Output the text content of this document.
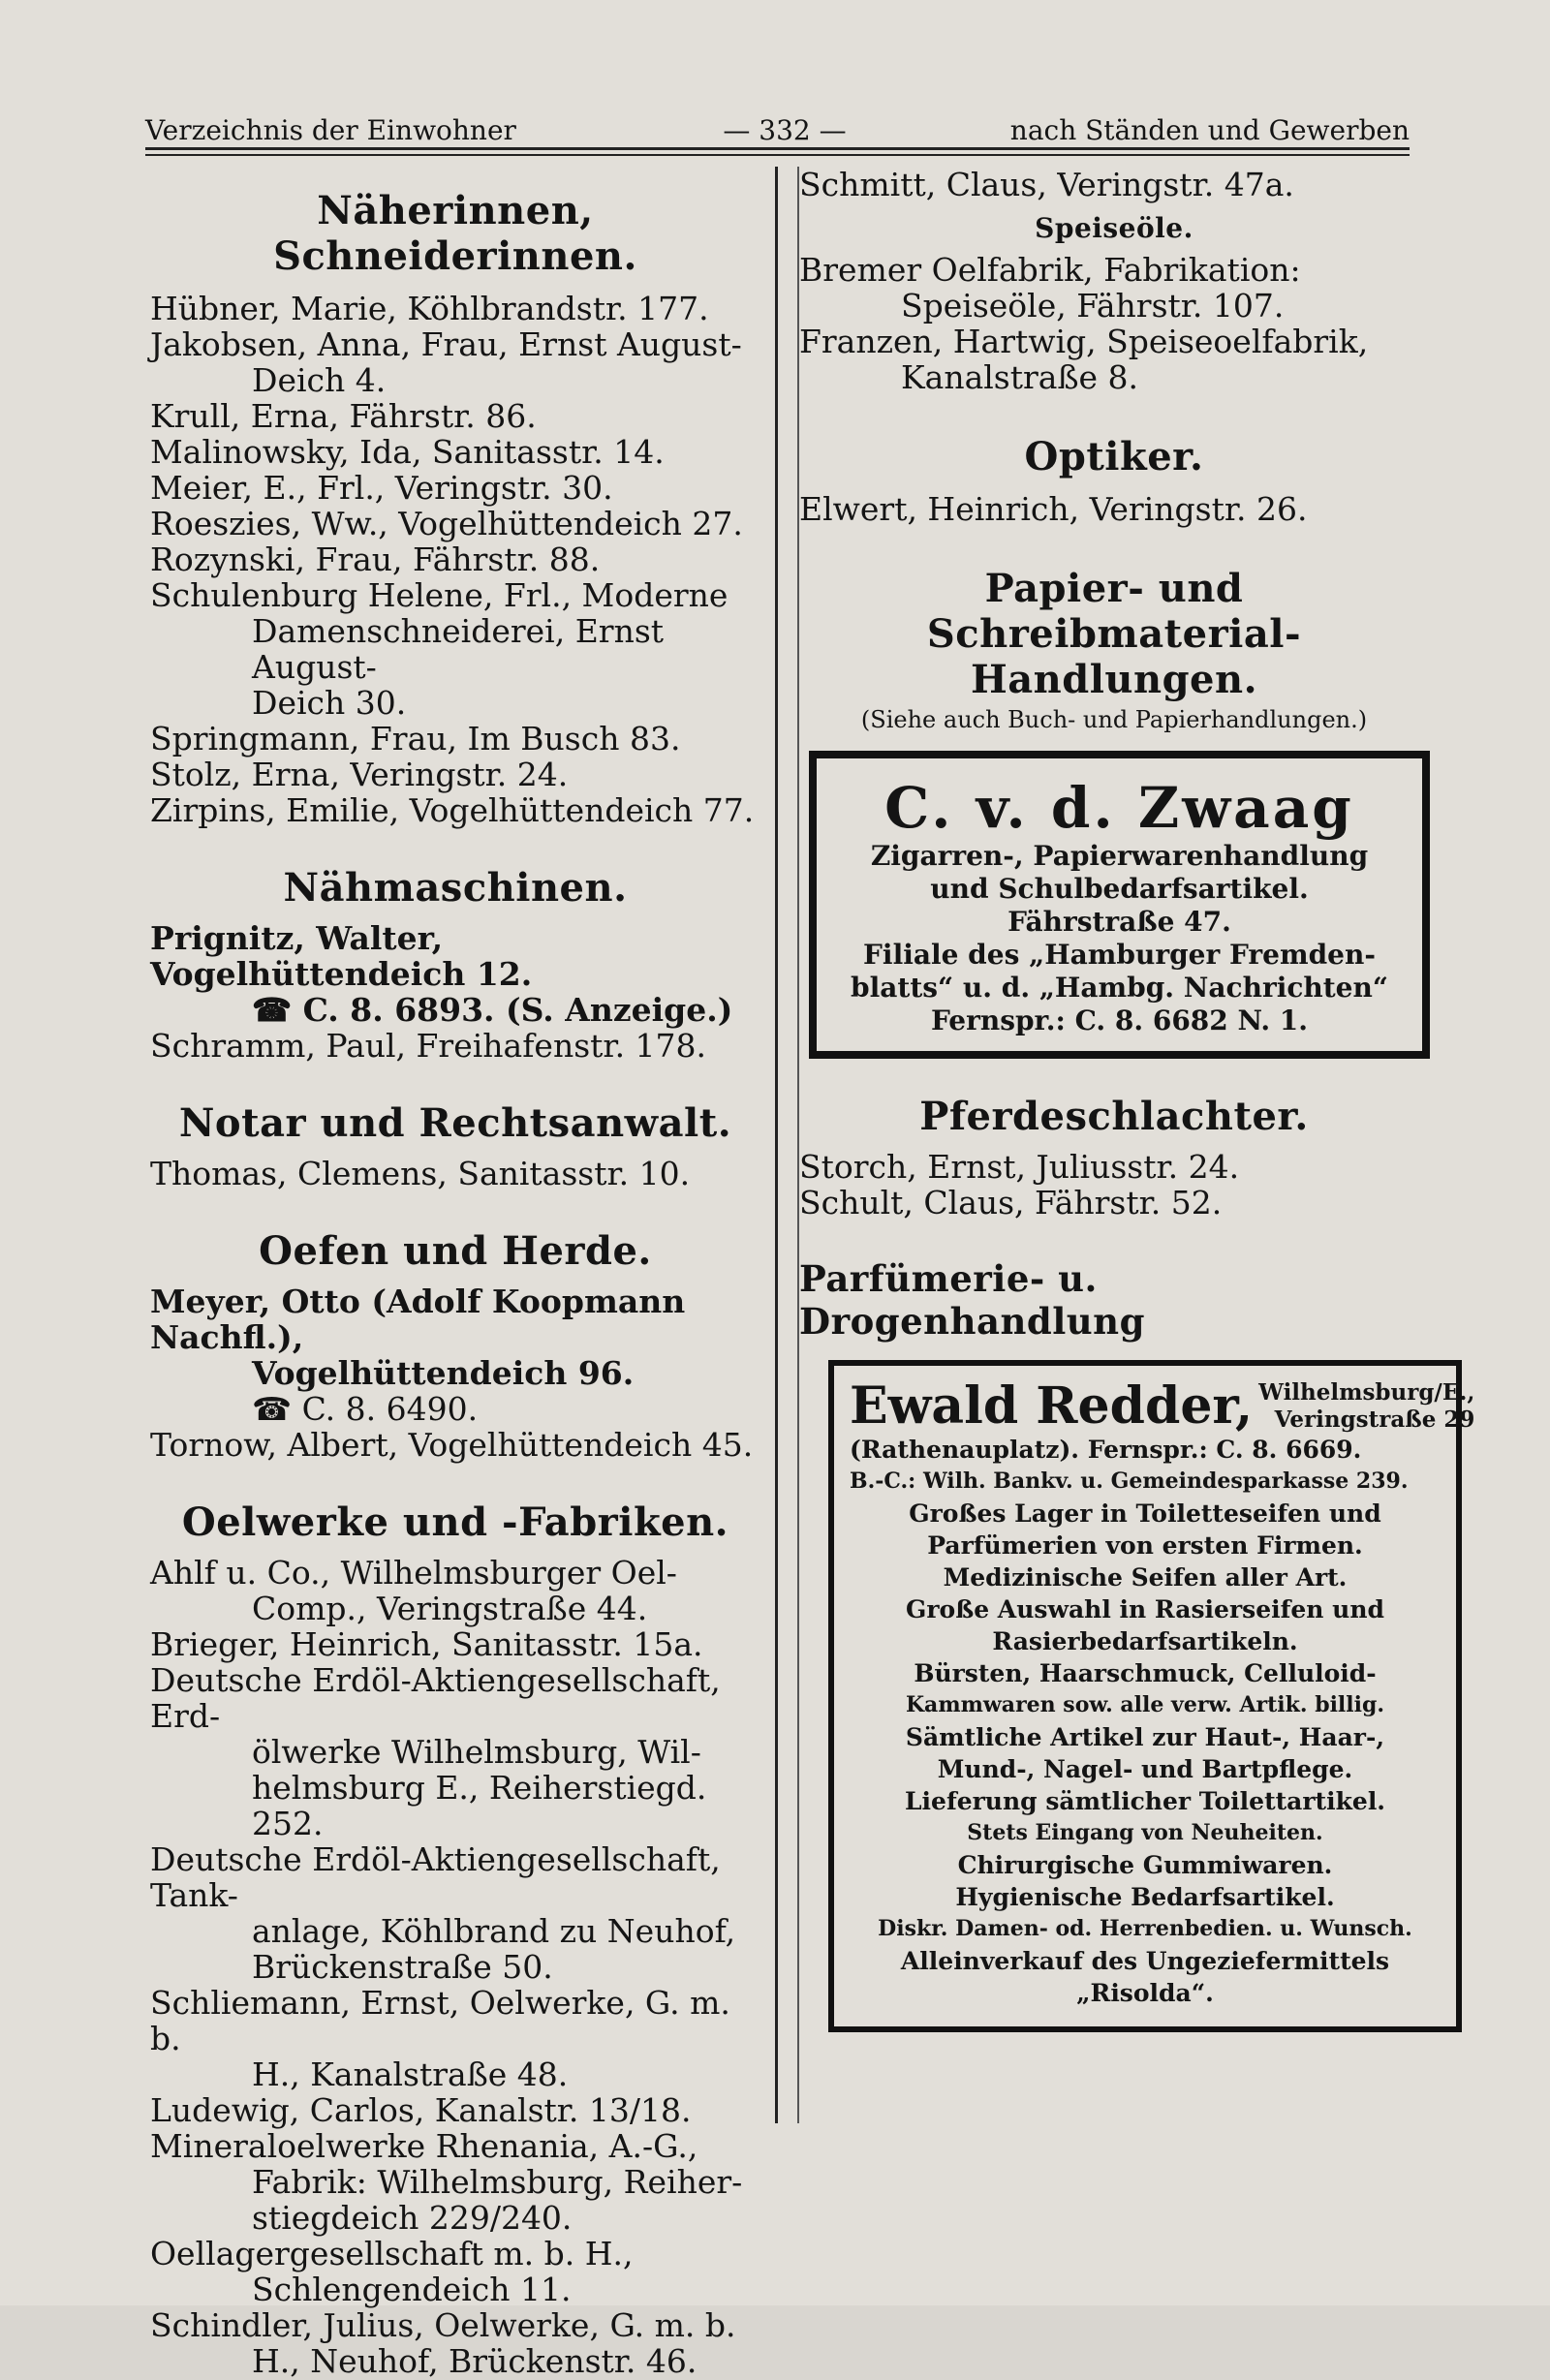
Verzeichnis der Einwohner	— 332 —	nach Ständen und Gewerben

Näherinnen, Schneiderinnen.

Hübner, Marie, Köhlbrandstr. 177.

Jakobsen, Anna, Frau, Ernst August-

Deich 4.

Krull, Erna, Fährstr. 86.

Malinowsky, Ida, Sanitasstr. 14.

Meier, E., Frl., Veringstr. 30.

Roeszies, Ww., Vogelhüttendeich 27.

Rozynski, Frau, Fährstr. 88.

Schulenburg Helene, Frl., Moderne

Damenschneiderei, Ernst August-

Deich 30.

Springmann, Frau, Im Busch 83.

Stolz, Erna, Veringstr. 24.

Zirpins, Emilie, Vogelhüttendeich 77.

Nähmaschinen.

Prignitz, Walter, Vogelhüttendeich 12.

☎ C. 8. 6893. (S. Anzeige.)

Schramm, Paul, Freihafenstr. 178.

Notar und Rechtsanwalt.

Thomas, Clemens, Sanitasstr. 10.

Oefen und Herde.

Meyer, Otto (Adolf Koopmann Nachfl.),

Vogelhüttendeich 96.

☎ C. 8. 6490.

Tornow, Albert, Vogelhüttendeich 45.

Oelwerke und -Fabriken.

Ahlf u. Co., Wilhelmsburger Oel-

Comp., Veringstraße 44.

Brieger, Heinrich, Sanitasstr. 15a.

Deutsche Erdöl-Aktiengesellschaft, Erd-

ölwerke Wilhelmsburg, Wil-

helmsburg E., Reiherstiegd. 252.

Deutsche Erdöl-Aktiengesellschaft, Tank-

anlage, Köhlbrand zu Neuhof,

Brückenstraße 50.

Schliemann, Ernst, Oelwerke, G. m. b.

H., Kanalstraße 48.

Ludewig, Carlos, Kanalstr. 13/18.

Mineraloelwerke Rhenania, A.-G.,

Fabrik: Wilhelmsburg, Reiher-

stiegdeich 229/240.

Oellagergesellschaft m. b. H.,

Schlengendeich 11.

Schindler, Julius, Oelwerke, G. m. b.

H., Neuhof, Brückenstr. 46.

Schmitt, Claus, Veringstr. 47a.

Speiseöle.

Bremer Oelfabrik, Fabrikation:

Speiseöle, Fährstr. 107.

Franzen, Hartwig, Speiseoelfabrik,

Kanalstraße 8.

Optiker.

Elwert, Heinrich, Veringstr. 26.

Papier- und Schreibmaterial-

Handlungen.

(Siehe auch Buch- und Papierhandlungen.)

C. v. d. Zwaag
Zigarren-, Papierwarenhandlung
und Schulbedarfsartikel.
Fährstraße 47.
Filiale des „Hamburger Fremden-
blatts“ u. d. „Hambg. Nachrichten“
Fernspr.: C. 8. 6682 N. 1.

Pferdeschlachter.

Storch, Ernst, Juliusstr. 24.

Schult, Claus, Fährstr. 52.

Parfümerie- u. Drogenhandlung

Ewald Redder, Wilhelmsburg/E.,
Veringstraße 29
(Rathenauplatz). Fernspr.: C. 8. 6669.
B.-C.: Wilh. Bankv. u. Gemeindesparkasse 239.
Großes Lager in Toiletteseifen und
Parfümerien von ersten Firmen.
Medizinische Seifen aller Art.
Große Auswahl in Rasierseifen und
Rasierbedarfsartikeln.
Bürsten, Haarschmuck, Celluloid-
Kammwaren sow. alle verw. Artik. billig.
Sämtliche Artikel zur Haut-, Haar-,
Mund-, Nagel- und Bartpflege.
Lieferung sämtlicher Toilettartikel.
Stets Eingang von Neuheiten.
Chirurgische Gummiwaren.
Hygienische Bedarfsartikel.
Diskr. Damen- od. Herrenbedien. u. Wunsch.
Alleinverkauf des Ungeziefermittels
„Risolda“.
